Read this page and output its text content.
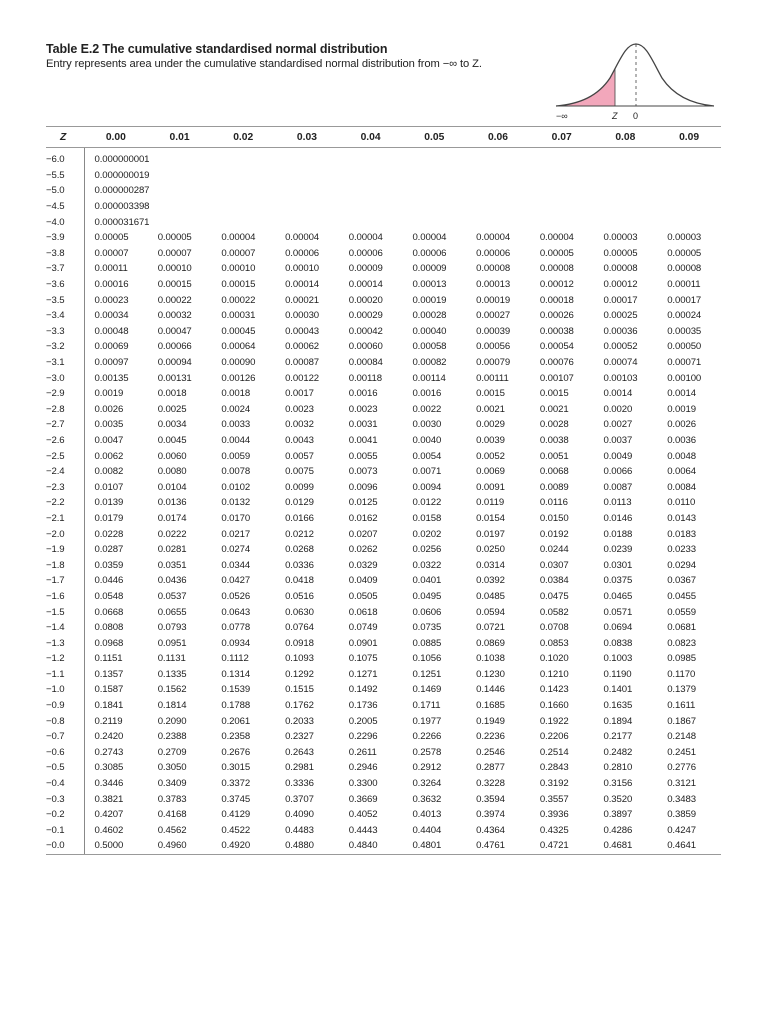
Table E.2 The cumulative standardised normal distribution
Entry represents area under the cumulative standardised normal distribution from −∞ to Z.
−∞	Z 0
Z	0.00	0.01	0.02	0.03	0.04	0.05	0.06	0.07	0.08	0.09
−6.0	0.000000001									
−5.5	0.000000019									
−5.0	0.000000287									
−4.5	0.000003398									
−4.0	0.000031671									
−3.9	0.00005	0.00005	0.00004	0.00004	0.00004	0.00004	0.00004	0.00004	0.00003	0.00003
−3.8	0.00007	0.00007	0.00007	0.00006	0.00006	0.00006	0.00006	0.00005	0.00005	0.00005
−3.7	0.00011	0.00010	0.00010	0.00010	0.00009	0.00009	0.00008	0.00008	0.00008	0.00008
−3.6	0.00016	0.00015	0.00015	0.00014	0.00014	0.00013	0.00013	0.00012	0.00012	0.00011
−3.5	0.00023	0.00022	0.00022	0.00021	0.00020	0.00019	0.00019	0.00018	0.00017	0.00017
−3.4	0.00034	0.00032	0.00031	0.00030	0.00029	0.00028	0.00027	0.00026	0.00025	0.00024
−3.3	0.00048	0.00047	0.00045	0.00043	0.00042	0.00040	0.00039	0.00038	0.00036	0.00035
−3.2	0.00069	0.00066	0.00064	0.00062	0.00060	0.00058	0.00056	0.00054	0.00052	0.00050
−3.1	0.00097	0.00094	0.00090	0.00087	0.00084	0.00082	0.00079	0.00076	0.00074	0.00071
−3.0	0.00135	0.00131	0.00126	0.00122	0.00118	0.00114	0.00111	0.00107	0.00103	0.00100
−2.9	0.0019	0.0018	0.0018	0.0017	0.0016	0.0016	0.0015	0.0015	0.0014	0.0014
−2.8	0.0026	0.0025	0.0024	0.0023	0.0023	0.0022	0.0021	0.0021	0.0020	0.0019
−2.7	0.0035	0.0034	0.0033	0.0032	0.0031	0.0030	0.0029	0.0028	0.0027	0.0026
−2.6	0.0047	0.0045	0.0044	0.0043	0.0041	0.0040	0.0039	0.0038	0.0037	0.0036
−2.5	0.0062	0.0060	0.0059	0.0057	0.0055	0.0054	0.0052	0.0051	0.0049	0.0048
−2.4	0.0082	0.0080	0.0078	0.0075	0.0073	0.0071	0.0069	0.0068	0.0066	0.0064
−2.3	0.0107	0.0104	0.0102	0.0099	0.0096	0.0094	0.0091	0.0089	0.0087	0.0084
−2.2	0.0139	0.0136	0.0132	0.0129	0.0125	0.0122	0.0119	0.0116	0.0113	0.0110
−2.1	0.0179	0.0174	0.0170	0.0166	0.0162	0.0158	0.0154	0.0150	0.0146	0.0143
−2.0	0.0228	0.0222	0.0217	0.0212	0.0207	0.0202	0.0197	0.0192	0.0188	0.0183
−1.9	0.0287	0.0281	0.0274	0.0268	0.0262	0.0256	0.0250	0.0244	0.0239	0.0233
−1.8	0.0359	0.0351	0.0344	0.0336	0.0329	0.0322	0.0314	0.0307	0.0301	0.0294
−1.7	0.0446	0.0436	0.0427	0.0418	0.0409	0.0401	0.0392	0.0384	0.0375	0.0367
−1.6	0.0548	0.0537	0.0526	0.0516	0.0505	0.0495	0.0485	0.0475	0.0465	0.0455
−1.5	0.0668	0.0655	0.0643	0.0630	0.0618	0.0606	0.0594	0.0582	0.0571	0.0559
−1.4	0.0808	0.0793	0.0778	0.0764	0.0749	0.0735	0.0721	0.0708	0.0694	0.0681
−1.3	0.0968	0.0951	0.0934	0.0918	0.0901	0.0885	0.0869	0.0853	0.0838	0.0823
−1.2	0.1151	0.1131	0.1112	0.1093	0.1075	0.1056	0.1038	0.1020	0.1003	0.0985
−1.1	0.1357	0.1335	0.1314	0.1292	0.1271	0.1251	0.1230	0.1210	0.1190	0.1170
−1.0	0.1587	0.1562	0.1539	0.1515	0.1492	0.1469	0.1446	0.1423	0.1401	0.1379
−0.9	0.1841	0.1814	0.1788	0.1762	0.1736	0.1711	0.1685	0.1660	0.1635	0.1611
−0.8	0.2119	0.2090	0.2061	0.2033	0.2005	0.1977	0.1949	0.1922	0.1894	0.1867
−0.7	0.2420	0.2388	0.2358	0.2327	0.2296	0.2266	0.2236	0.2206	0.2177	0.2148
−0.6	0.2743	0.2709	0.2676	0.2643	0.2611	0.2578	0.2546	0.2514	0.2482	0.2451
−0.5	0.3085	0.3050	0.3015	0.2981	0.2946	0.2912	0.2877	0.2843	0.2810	0.2776
−0.4	0.3446	0.3409	0.3372	0.3336	0.3300	0.3264	0.3228	0.3192	0.3156	0.3121
−0.3	0.3821	0.3783	0.3745	0.3707	0.3669	0.3632	0.3594	0.3557	0.3520	0.3483
−0.2	0.4207	0.4168	0.4129	0.4090	0.4052	0.4013	0.3974	0.3936	0.3897	0.3859
−0.1	0.4602	0.4562	0.4522	0.4483	0.4443	0.4404	0.4364	0.4325	0.4286	0.4247
−0.0	0.5000	0.4960	0.4920	0.4880	0.4840	0.4801	0.4761	0.4721	0.4681	0.4641
